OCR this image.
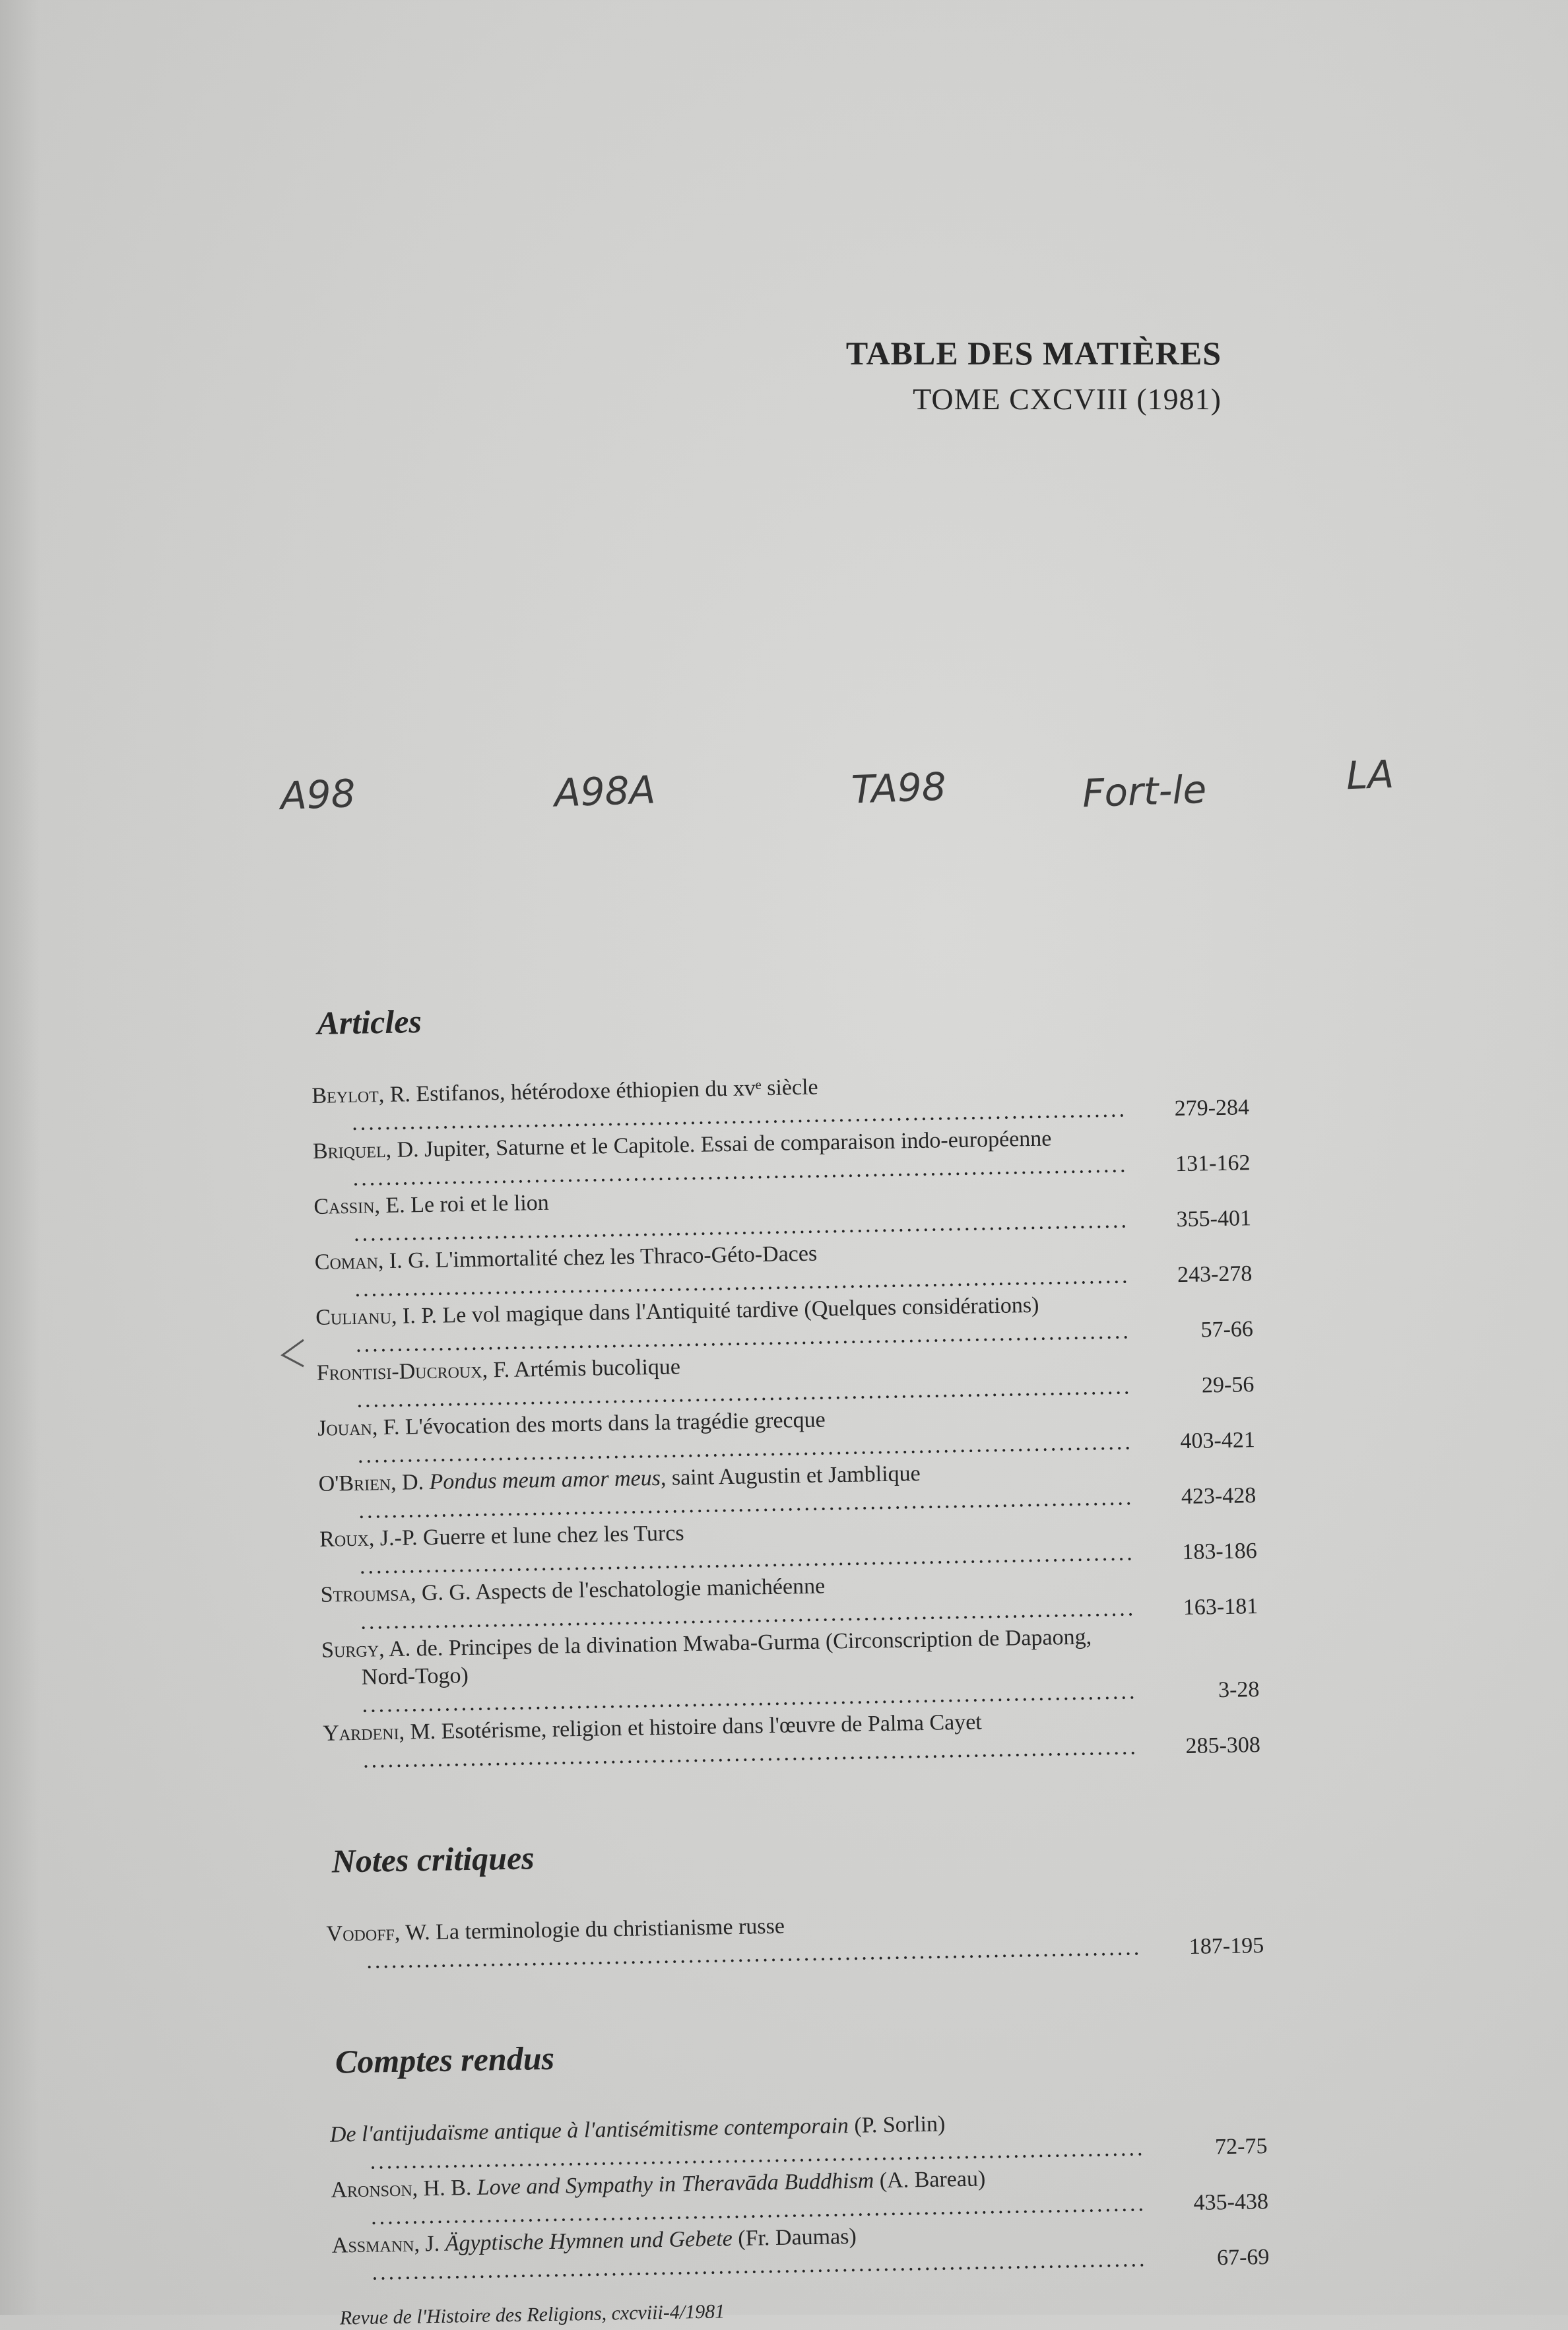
TABLE DES MATIÈRES

TOME CXCVIII (1981)

A98	A98A	TA98	Fort-le	LA
Articles
Beylot, R. Estifanos, hétérodoxe éthiopien du xvᵉ siècle .....
279-284
Briquel, D. Jupiter, Saturne et le Capitole. Essai de comparaison indo-européenne .....
131-162
Cassin, E. Le roi et le lion .....
355-401
Coman, I. G. L'immortalité chez les Thraco-Géto-Daces .....
243-278
Culianu, I. P. Le vol magique dans l'Antiquité tardive (Quelques considérations) .....
57-66
Frontisi-Ducroux, F. Artémis bucolique .....
29-56
Jouan, F. L'évocation des morts dans la tragédie grecque .....
403-421
O'Brien, D. Pondus meum amor meus, saint Augustin et Jamblique .....
423-428
Roux, J.-P. Guerre et lune chez les Turcs .....
183-186
Stroumsa, G. G. Aspects de l'eschatologie manichéenne .....
163-181
Surgy, A. de. Principes de la divination Mwaba-Gurma (Circonscription de Dapaong, Nord-Togo) .....
3-28
Yardeni, M. Esotérisme, religion et histoire dans l'œuvre de Palma Cayet .....
285-308
Notes critiques
Vodoff, W. La terminologie du christianisme russe .....
187-195
Comptes rendus
De l'antijudaïsme antique à l'antisémitisme contemporain (P. Sorlin) .....
72-75
Aronson, H. B. Love and Sympathy in Theravāda Buddhism (A. Bareau) .....
435-438
Assmann, J. Ägyptische Hymnen und Gebete (Fr. Daumas) .....
67-69
Revue de l'Histoire des Religions, cxcviii-4/1981
